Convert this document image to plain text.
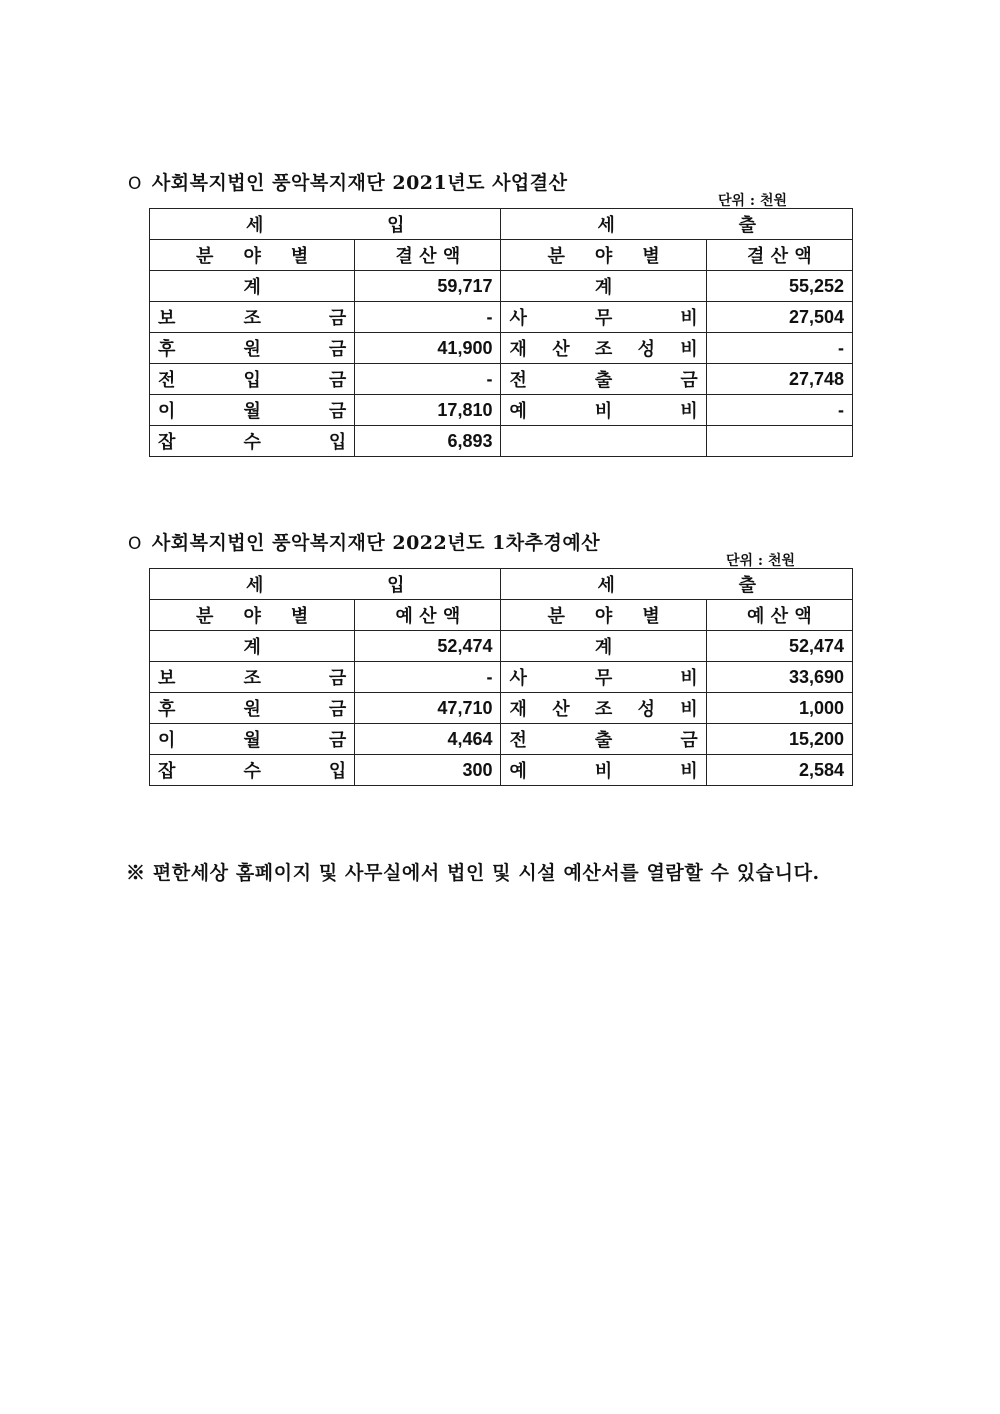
O 사회복지법인 풍악복지재단 2021년도 사업결산
단위 : 천원
세 입		세 출	

분 야 별	결 산 액	분 야 별	결 산 액
계	59,717	계	55,252
보 조 금	-	사 무 비	27,504
후 원 금	41,900	재 산 조 성 비	-
전 입 금	-	전 출 금	27,748
이 월 금	17,810	예 비 비	-
잡 수 입	6,893		
O 사회복지법인 풍악복지재단 2022년도 1차추경예산
단위 : 천원
세 입		세 출	

분 야 별	예 산 액	분 야 별	예 산 액
계	52,474	계	52,474
보 조 금	-	사 무 비	33,690
후 원 금	47,710	재 산 조 성 비	1,000
이 월 금	4,464	전 출 금	15,200
잡 수 입	300	예 비 비	2,584
※ 편한세상 홈페이지 및 사무실에서 법인 및 시설 예산서를 열람할 수 있습니다.
